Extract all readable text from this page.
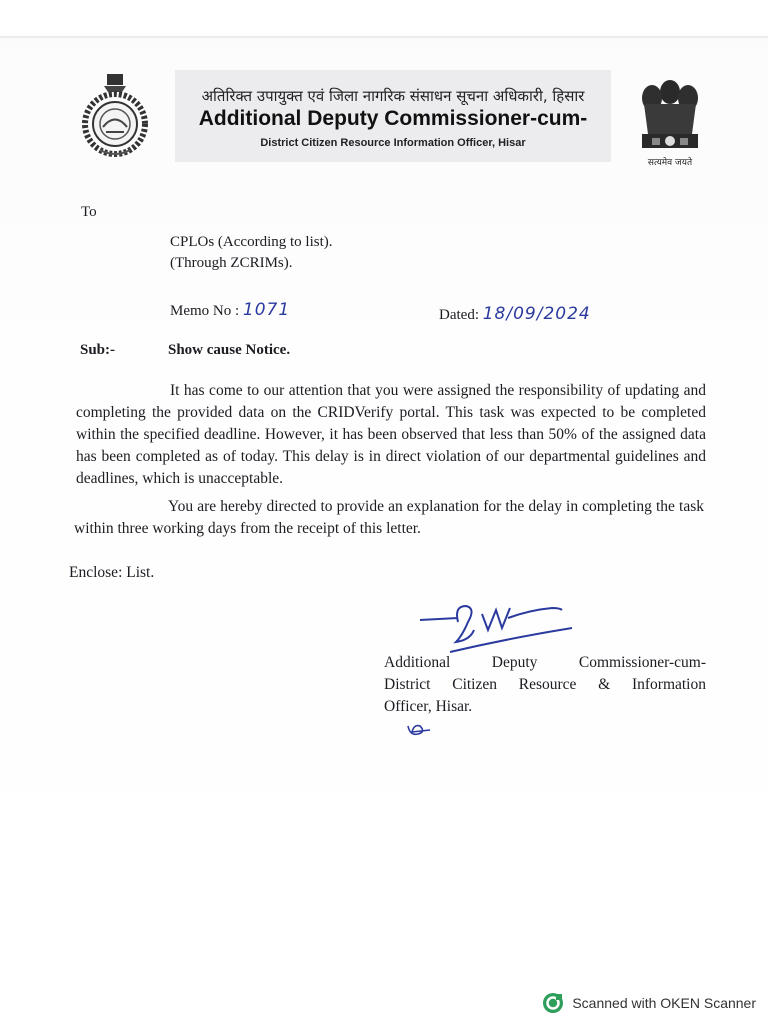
अतिरिक्त उपायुक्त एवं जिला नागरिक संसाधन सूचना अधिकारी, हिसार
Additional Deputy Commissioner-cum-
District Citizen Resource Information Officer, Hisar
सत्यमेव जयते
To
CPLOs (According to list).
(Through ZCRIMs).
Memo No : 1071	Dated: 18/09/2024
Sub:-	Show cause Notice.
It has come to our attention that you were assigned the responsibility of updating and completing the provided data on the CRIDVerify portal. This task was expected to be completed within the specified deadline. However, it has been observed that less than 50% of the assigned data has been completed as of today. This delay is in direct violation of our departmental guidelines and deadlines, which is unacceptable.
You are hereby directed to provide an explanation for the delay in completing the task within three working days from the receipt of this letter.
Enclose: List.
Additional Deputy Commissioner-cum-
District Citizen Resource & Information
Officer, Hisar.
Scanned with OKEN Scanner
